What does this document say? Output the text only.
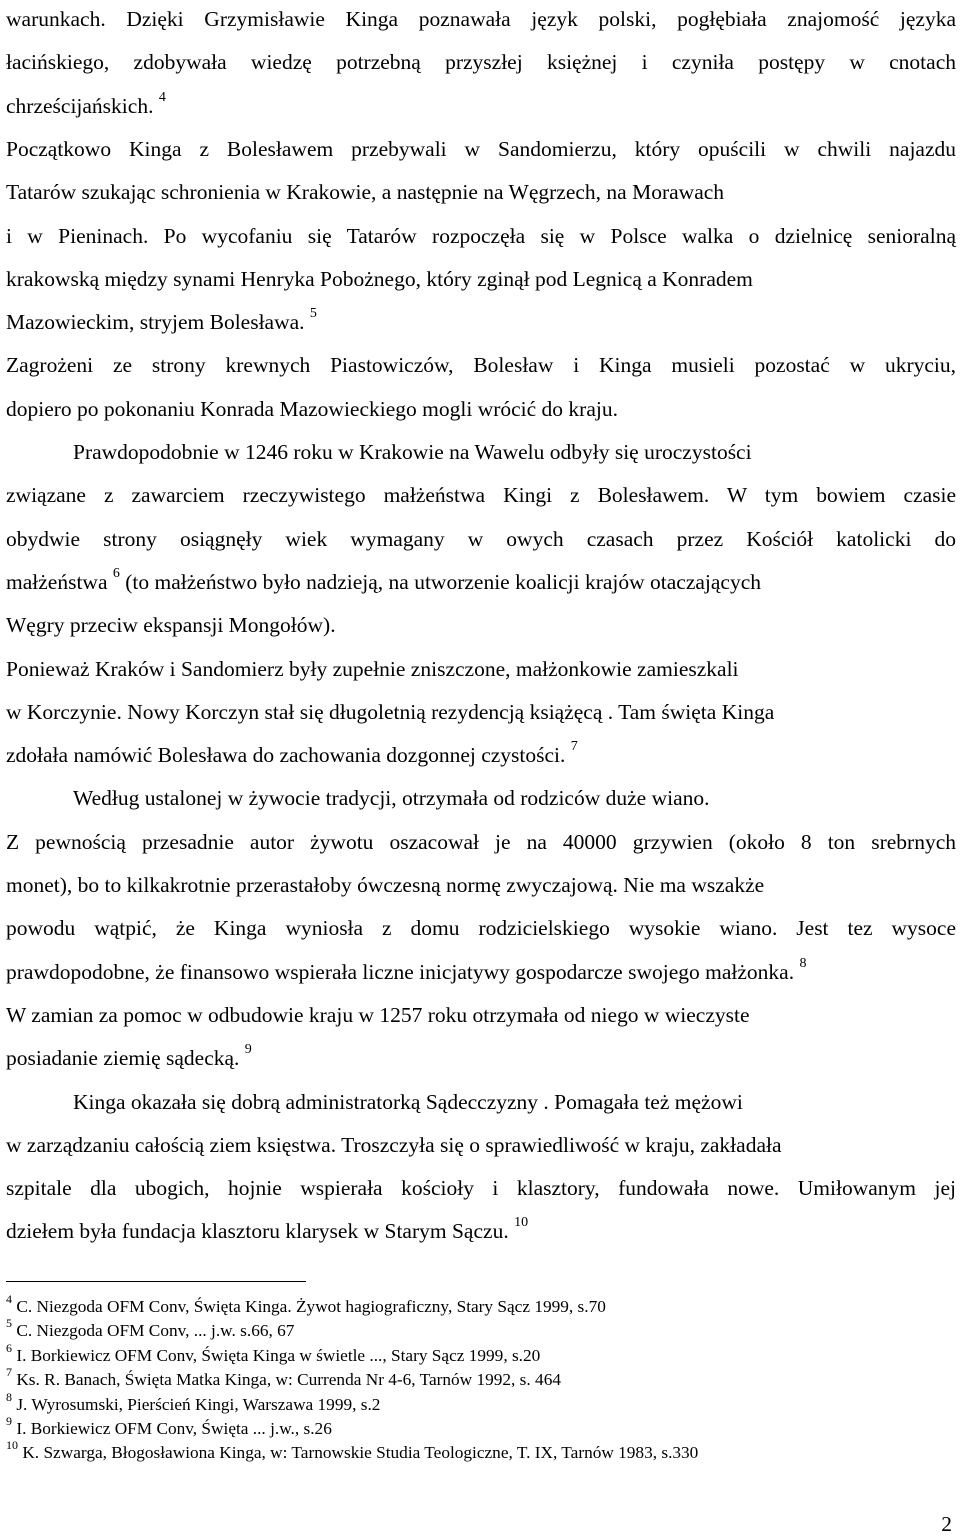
warunkach. Dzięki Grzymisławie Kinga poznawała język polski, pogłębiała znajomość języka
łacińskiego, zdobywała wiedzę potrzebną przyszłej księżnej i czyniła postępy w cnotach
chrześcijańskich. $^4$
Początkowo Kinga z Bolesławem przebywali w Sandomierzu, który opuścili w chwili najazdu
Tatarów szukając schronienia w Krakowie, a następnie na Węgrzech, na Morawach
i w Pieninach. Po wycofaniu się Tatarów rozpoczęła się w Polsce walka o dzielnicę senioralną
krakowską między synami Henryka Pobożnego, który zginął pod Legnicą a Konradem
Mazowieckim, stryjem Bolesława. $^5$
Zagrożeni ze strony krewnych Piastowiczów, Bolesław i Kinga musieli pozostać w ukryciu,
dopiero po pokonaniu Konrada Mazowieckiego mogli wrócić do kraju.
Prawdopodobnie w 1246 roku w Krakowie na Wawelu odbyły się uroczystości
związane z zawarciem rzeczywistego małżeństwa Kingi z Bolesławem. W tym bowiem czasie
obydwie strony osiągnęły wiek wymagany w owych czasach przez Kościół katolicki do
małżeństwa $^6$ (to małżeństwo było nadzieją, na utworzenie koalicji krajów otaczających
Węgry przeciw ekspansji Mongołów).
Ponieważ Kraków i Sandomierz były zupełnie zniszczone, małżonkowie zamieszkali
w Korczynie. Nowy Korczyn stał się długoletnią rezydencją książęcą . Tam święta Kinga
zdołała namówić Bolesława do zachowania dozgonnej czystości. $^7$
Według ustalonej w żywocie tradycji, otrzymała od rodziców duże wiano.
Z pewnością przesadnie autor żywotu oszacował je na 40000 grzywien (około 8 ton srebrnych
monet), bo to kilkakrotnie przerastałoby ówczesną normę zwyczajową. Nie ma wszakże
powodu wątpić, że Kinga wyniosła z domu rodzicielskiego wysokie wiano. Jest tez wysoce
prawdopodobne, że finansowo wspierała liczne inicjatywy gospodarcze swojego małżonka. $^8$
W zamian za pomoc w odbudowie kraju w 1257 roku otrzymała od niego w wieczyste
posiadanie ziemię sądecką. $^9$
Kinga okazała się dobrą administratorką Sądecczyzny . Pomagała też mężowi
w zarządzaniu całością ziem księstwa. Troszczyła się o sprawiedliwość w kraju, zakładała
szpitale dla ubogich, hojnie wspierała kościoły i klasztory, fundowała nowe. Umiłowanym jej
dziełem była fundacja klasztoru klarysek w Starym Sączu. $^{10}$
$^4$ C. Niezgoda OFM Conv, Święta Kinga. Żywot hagiograficzny, Stary Sącz 1999, s.70
$^5$ C. Niezgoda OFM Conv, ... j.w. s.66, 67
$^6$ I. Borkiewicz OFM Conv, Święta Kinga w świetle ..., Stary Sącz 1999, s.20
$^7$ Ks. R. Banach, Święta Matka Kinga, w: Currenda Nr 4-6, Tarnów 1992, s. 464
$^8$ J. Wyrosumski, Pierścień Kingi, Warszawa 1999, s.2
$^9$ I. Borkiewicz OFM Conv, Święta ... j.w., s.26
$^{10}$ K. Szwarga, Błogosławiona Kinga, w: Tarnowskie Studia Teologiczne, T. IX, Tarnów 1983, s.330
2
